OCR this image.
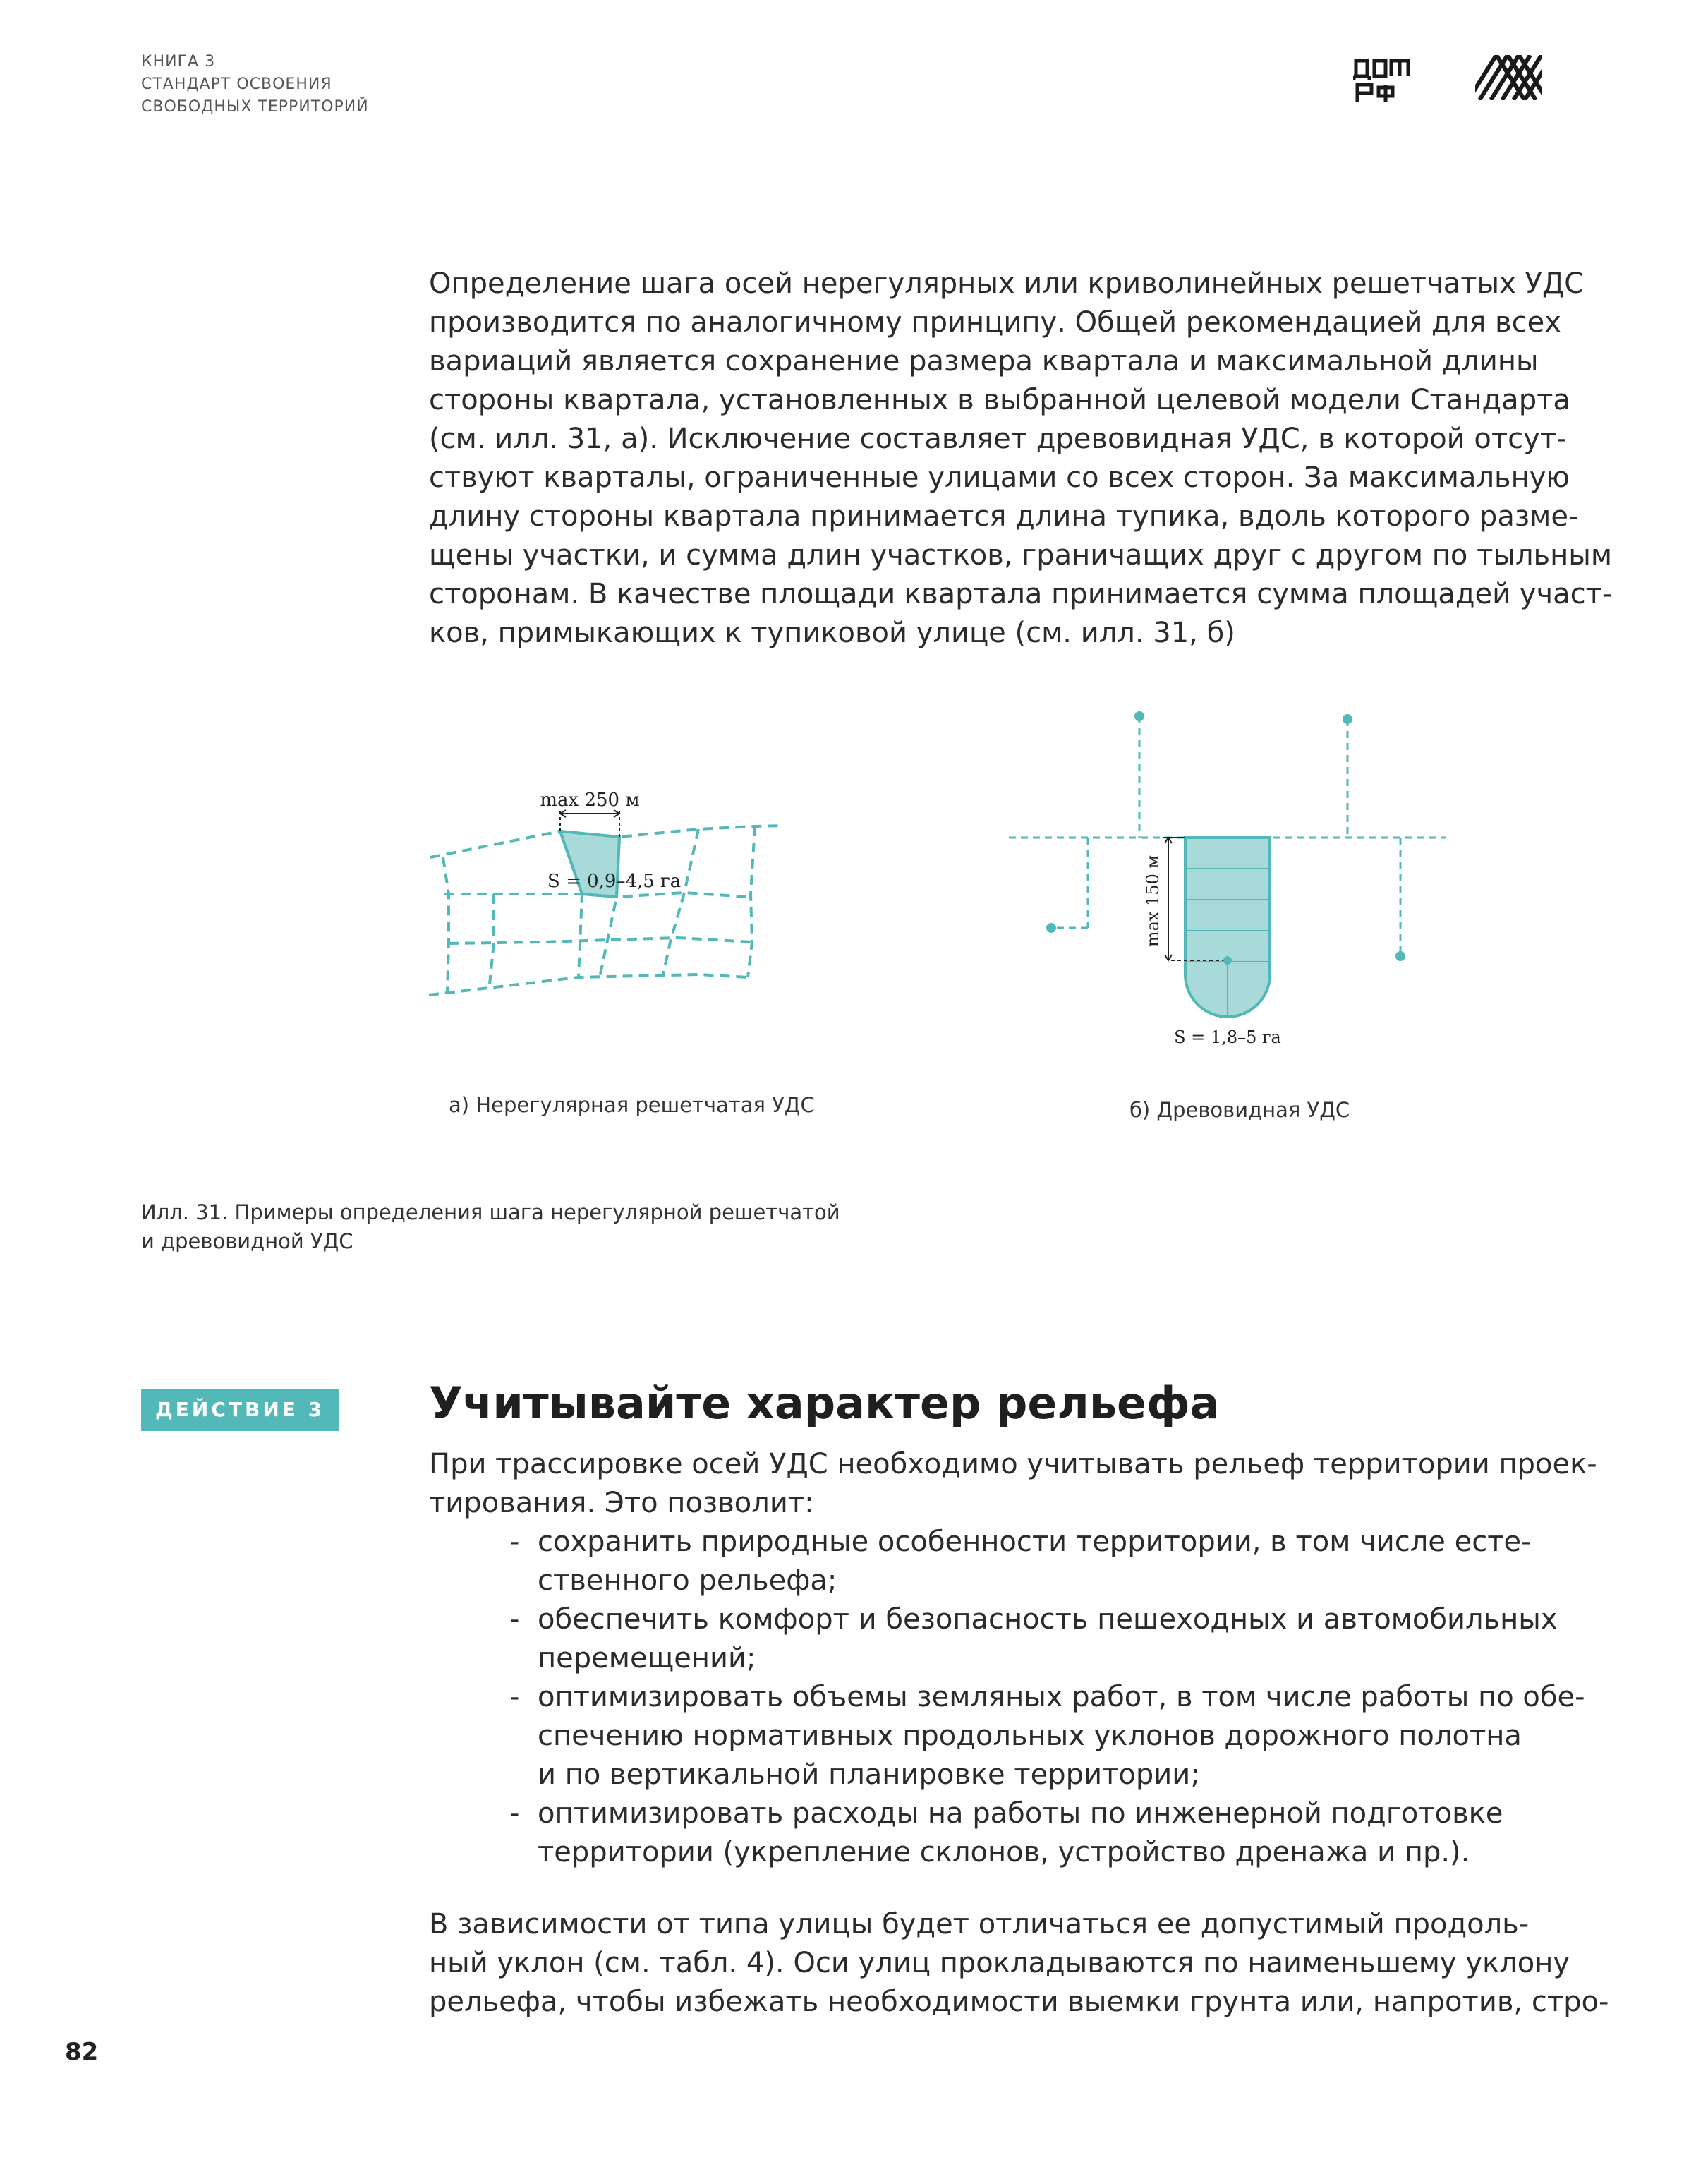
КНИГА 3
СТАНДАРТ ОСВОЕНИЯ
СВОБОДНЫХ ТЕРРИТОРИЙ
Определение шага осей нерегулярных или криволинейных решетчатых УДС
производится по аналогичному принципу. Общей рекомендацией для всех
вариаций является сохранение размера квартала и максимальной длины
стороны квартала, установленных в выбранной целевой модели Стандарта
(см. илл. 31, а). Исключение составляет древовидная УДС, в которой отсут-
ствуют кварталы, ограниченные улицами со всех сторон. За максимальную
длину стороны квартала принимается длина тупика, вдоль которого разме-
щены участки, и сумма длин участков, граничащих друг с другом по тыльным
сторонам. В качестве площади квартала принимается сумма площадей участ-
ков, примыкающих к тупиковой улице (см. илл. 31, б)
max 250 м
S = 0,9–4,5 га
а) Нерегулярная решетчатая УДС
max 150 м
S = 1,8–5 га
б) Древовидная УДС
Илл. 31. Примеры определения шага нерегулярной решетчатой
и древовидной УДС
ДЕЙСТВИЕ 3	Учитывайте характер рельефа
При трассировке осей УДС необходимо учитывать рельеф территории проек-
тирования. Это позволит:
- сохранить природные особенности территории, в том числе есте-
ственного рельефа;
- обеспечить комфорт и безопасность пешеходных и автомобильных
перемещений;
- оптимизировать объемы земляных работ, в том числе работы по обе-
спечению нормативных продольных уклонов дорожного полотна
и по вертикальной планировке территории;
- оптимизировать расходы на работы по инженерной подготовке
территории (укрепление склонов, устройство дренажа и пр.).
В зависимости от типа улицы будет отличаться ее допустимый продоль-
ный уклон (см. табл. 4). Оси улиц прокладываются по наименьшему уклону
рельефа, чтобы избежать необходимости выемки грунта или, напротив, стро-
82
